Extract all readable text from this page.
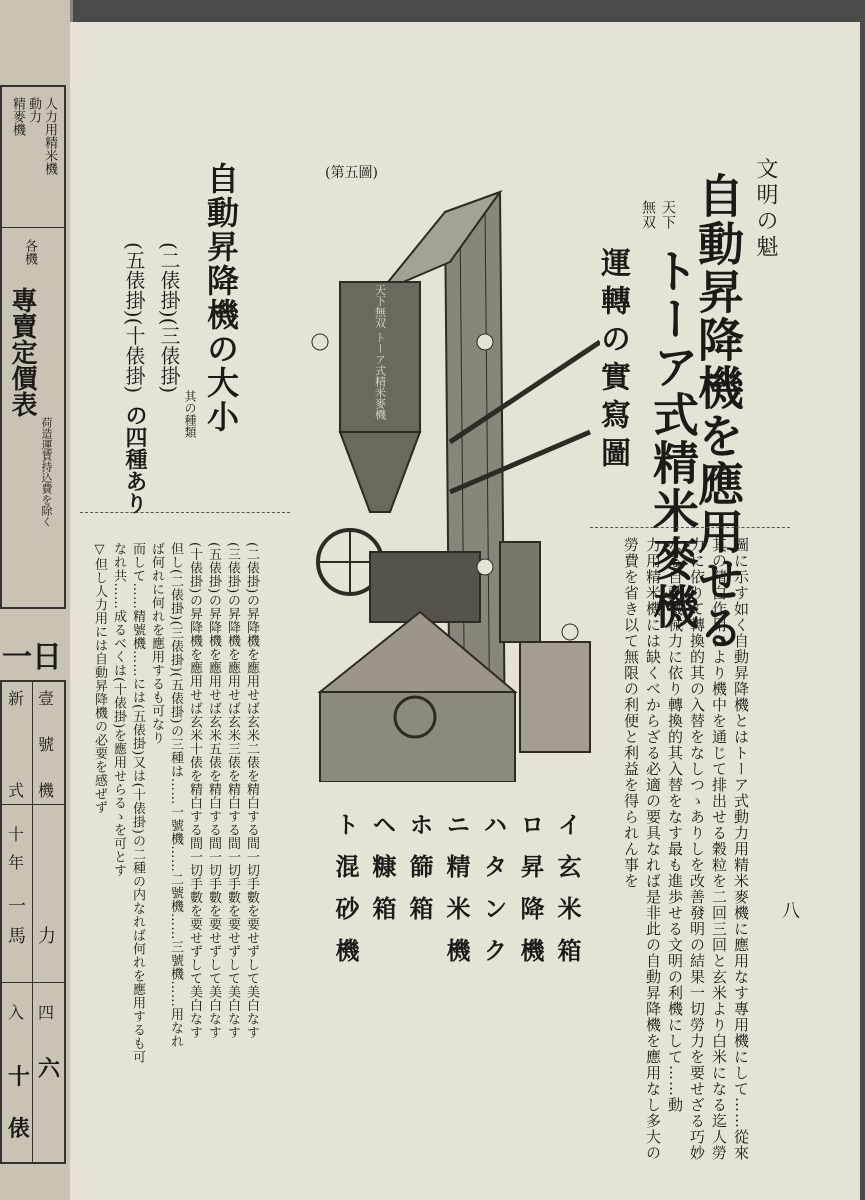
人力用精米機
動力
精麥機
各機
專賣定價表
荷造運賃持込費を除く
一日
新 壹
號
式 機
十
年
一
馬 力
入
十
俵
四
六
文明の魁
自動昇降機を應用せる
天下無双
トーア式精米麥機
運轉の實寫圖
圖に示す如く自動昇降機とはトーア式動力用精米麥機に應用なす專用機にして……從來
其の精白作用により機中を通じて排出せる穀粒を二回三回と玄米より白米になる迄人勞
力に依りて轉換的其の入替をなしつゝありしを改善發明の結果一切勞力を要せざる巧妙
なる自動機械力に依り轉換的其入替をなす最も進歩せる文明の利機にして……動
力用精米機には缺くべからざる必適の要具なれば是非此の自動昇降機を應用なし多大の
勞費を省き以て無限の利便と利益を得られん事を
八
(第五圖)
天下無双 トーア式精米麥機
自動昇降機の大小
其の種類
(二俵掛)(三俵掛)
(五俵掛)(十俵掛)
の四種あり
(二俵掛)の昇降機を應用せば玄米二俵を精白する間一切手數を要せずして美白なす
(三俵掛)の昇降機を應用せば玄米三俵を精白する間一切手數を要せずして美白なす
(五俵掛)の昇降機を應用せば玄米五俵を精白する間一切手數を要せずして美白なす
(十俵掛)の昇降機を應用せば玄米十俵を精白する間一切手數を要せずして美白なす
但し(二俵掛)(三俵掛)(五俵掛)の三種は……一號機……二號機……三號機……用なれ
ば何れに何れを應用するも可なり
而して……精號機……には(五俵掛)又は(十俵掛)の二種の内なれば何れを應用するも可
なれ共……成るべくは(十俵掛)を應用せらるゝを可とす
▽但し人力用には自動昇降機の必要を感ぜず
イ玄米箱
ロ昇降機
ハタンク
ニ精米機
ホ篩箱
ヘ糠箱
ト混砂機
